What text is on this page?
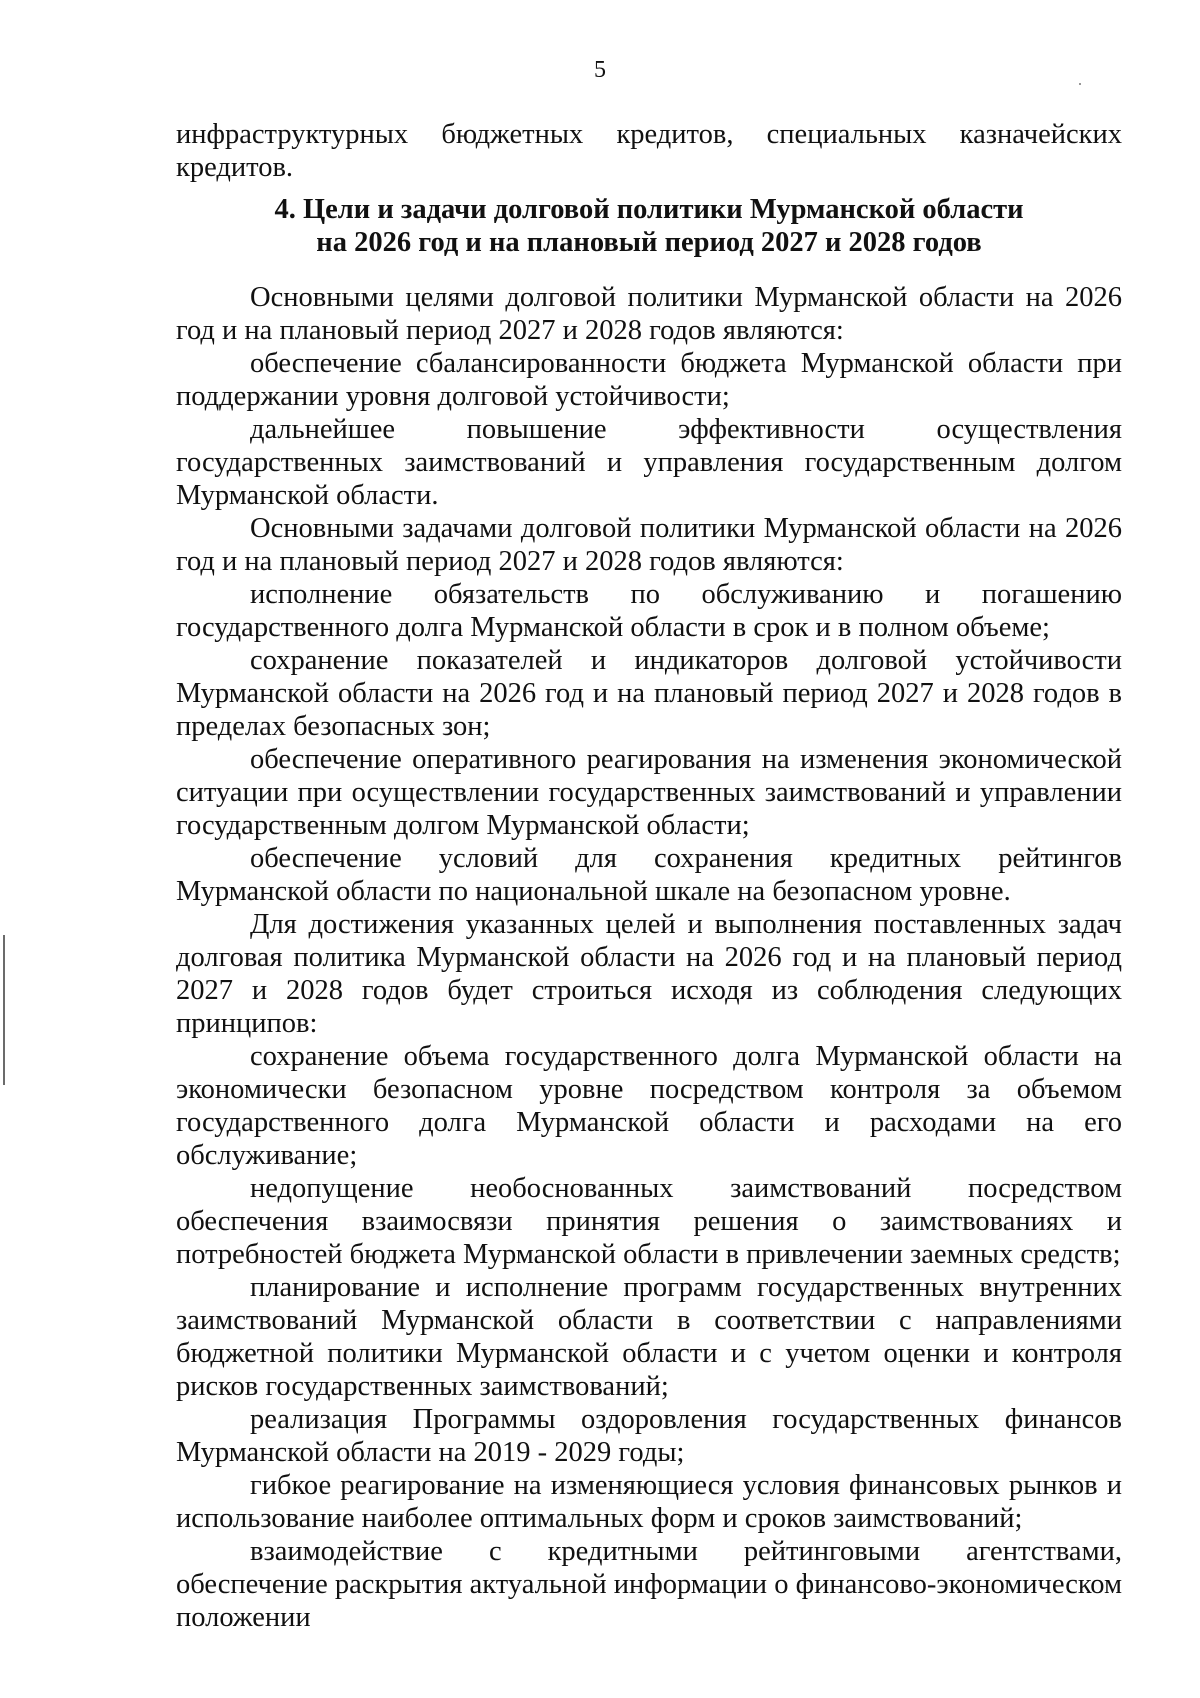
5

инфраструктурных бюджетных кредитов, специальных казначейских кредитов.

4. Цели и задачи долговой политики Мурманской области
на 2026 год и на плановый период 2027 и 2028 годов

Основными целями долговой политики Мурманской области на 2026 год и на плановый период 2027 и 2028 годов являются:

обеспечение сбалансированности бюджета Мурманской области при поддержании уровня долговой устойчивости;

дальнейшее повышение эффективности осуществления государственных заимствований и управления государственным долгом Мурманской области.

Основными задачами долговой политики Мурманской области на 2026 год и на плановый период 2027 и 2028 годов являются:

исполнение обязательств по обслуживанию и погашению государственного долга Мурманской области в срок и в полном объеме;

сохранение показателей и индикаторов долговой устойчивости Мурманской области на 2026 год и на плановый период 2027 и 2028 годов в пределах безопасных зон;

обеспечение оперативного реагирования на изменения экономической ситуации при осуществлении государственных заимствований и управлении государственным долгом Мурманской области;

обеспечение условий для сохранения кредитных рейтингов Мурманской области по национальной шкале на безопасном уровне.

Для достижения указанных целей и выполнения поставленных задач долговая политика Мурманской области на 2026 год и на плановый период 2027 и 2028 годов будет строиться исходя из соблюдения следующих принципов:

сохранение объема государственного долга Мурманской области на экономически безопасном уровне посредством контроля за объемом государственного долга Мурманской области и расходами на его обслуживание;

недопущение необоснованных заимствований посредством обеспечения взаимосвязи принятия решения о заимствованиях и потребностей бюджета Мурманской области в привлечении заемных средств;

планирование и исполнение программ государственных внутренних заимствований Мурманской области в соответствии с направлениями бюджетной политики Мурманской области и с учетом оценки и контроля рисков государственных заимствований;

реализация Программы оздоровления государственных финансов Мурманской области на 2019 - 2029 годы;

гибкое реагирование на изменяющиеся условия финансовых рынков и использование наиболее оптимальных форм и сроков заимствований;

взаимодействие с кредитными рейтинговыми агентствами, обеспечение раскрытия актуальной информации о финансово-экономическом положении
